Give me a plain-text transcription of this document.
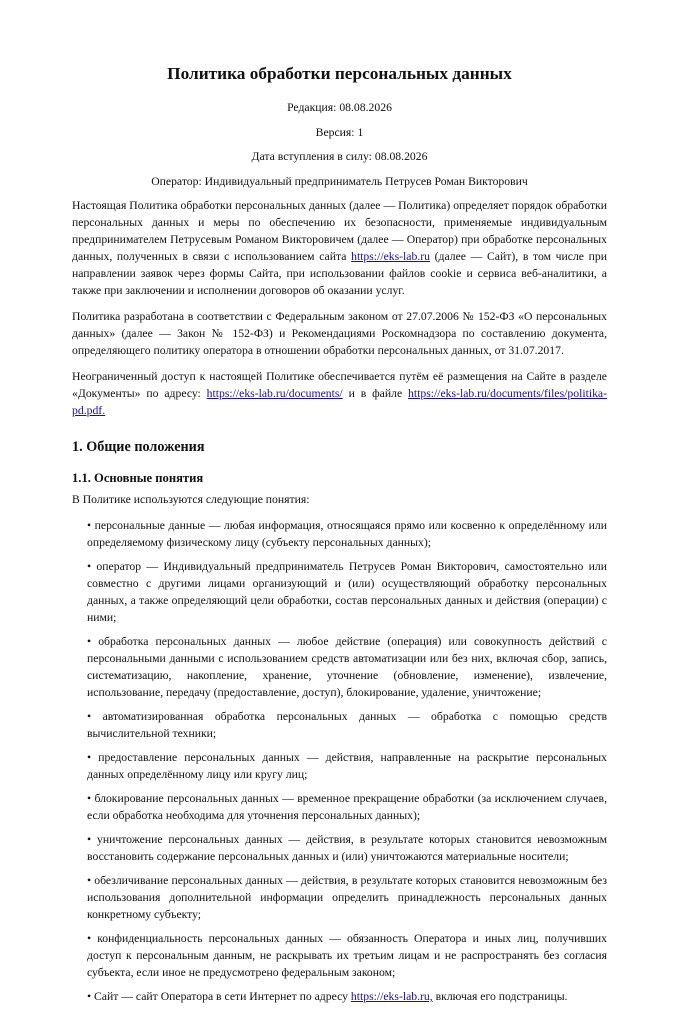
Политика обработки персональных данных
Редакция: 08.08.2026
Версия: 1
Дата вступления в силу: 08.08.2026
Оператор: Индивидуальный предприниматель Петрусев Роман Викторович

Настоящая Политика обработки персональных данных (далее — Политика) определяет порядок обработки персональных данных и меры по обеспечению их безопасности, применяемые индивидуальным предпринимателем Петрусевым Романом Викторовичем (далее — Оператор) при обработке персональных данных, полученных в связи с использованием сайта https://eks-lab.ru (далее — Сайт), в том числе при направлении заявок через формы Сайта, при использовании файлов cookie и сервиса веб-аналитики, а также при заключении и исполнении договоров об оказании услуг.

Политика разработана в соответствии с Федеральным законом от 27.07.2006 № 152-ФЗ «О персональных данных» (далее — Закон № 152-ФЗ) и Рекомендациями Роскомнадзора по составлению документа, определяющего политику оператора в отношении обработки персональных данных, от 31.07.2017.

Неограниченный доступ к настоящей Политике обеспечивается путём её размещения на Сайте в разделе «Документы» по адресу: https://eks-lab.ru/documents/ и в файле https://eks-lab.ru/documents/files/politika-pd.pdf.

1. Общие положения
1.1. Основные понятия
В Политике используются следующие понятия:
• персональные данные — любая информация, относящаяся прямо или косвенно к определённому или определяемому физическому лицу (субъекту персональных данных);
• оператор — Индивидуальный предприниматель Петрусев Роман Викторович, самостоятельно или совместно с другими лицами организующий и (или) осуществляющий обработку персональных данных, а также определяющий цели обработки, состав персональных данных и действия (операции) с ними;
• обработка персональных данных — любое действие (операция) или совокупность действий с персональными данными с использованием средств автоматизации или без них, включая сбор, запись, систематизацию, накопление, хранение, уточнение (обновление, изменение), извлечение, использование, передачу (предоставление, доступ), блокирование, удаление, уничтожение;
• автоматизированная обработка персональных данных — обработка с помощью средств вычислительной техники;
• предоставление персональных данных — действия, направленные на раскрытие персональных данных определённому лицу или кругу лиц;
• блокирование персональных данных — временное прекращение обработки (за исключением случаев, если обработка необходима для уточнения персональных данных);
• уничтожение персональных данных — действия, в результате которых становится невозможным восстановить содержание персональных данных и (или) уничтожаются материальные носители;
• обезличивание персональных данных — действия, в результате которых становится невозможным без использования дополнительной информации определить принадлежность персональных данных конкретному субъекту;
• конфиденциальность персональных данных — обязанность Оператора и иных лиц, получивших доступ к персональным данным, не раскрывать их третьим лицам и не распространять без согласия субъекта, если иное не предусмотрено федеральным законом;
• Сайт — сайт Оператора в сети Интернет по адресу https://eks-lab.ru, включая его подстраницы.
